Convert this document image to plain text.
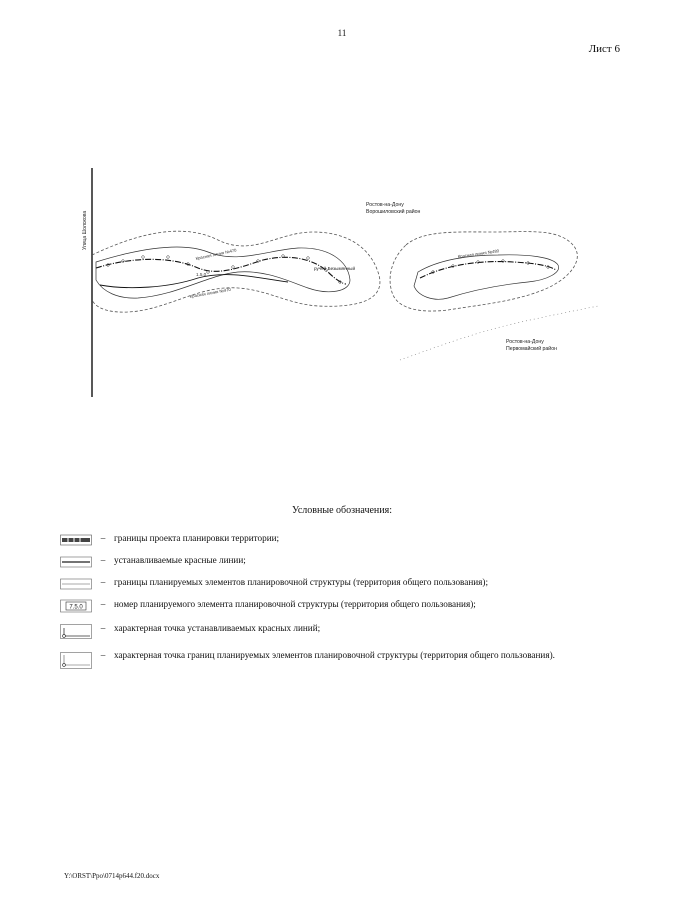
11
Лист 6
Улица Шолохова
Ростов-на-Дону
Ворошиловский район
Ростов-на-Дону
Первомайский район
ручей Безымянный
Красная линия №470
Красная линия №470
Красная линия №480
1.5.0
Условные обозначения:
– границы проекта планировки территории;
– устанавливаемые красные линии;
– границы планируемых элементов планировочной структуры (территория общего пользования);
7.5.0	– номер планируемого элемента планировочной структуры (территория общего пользования);
– характерная точка устанавливаемых красных линий;
– характерная точка границ планируемых элементов планировочной структуры (территория общего пользования).
Y:\ORST\Ppo\0714p644.f20.docx
